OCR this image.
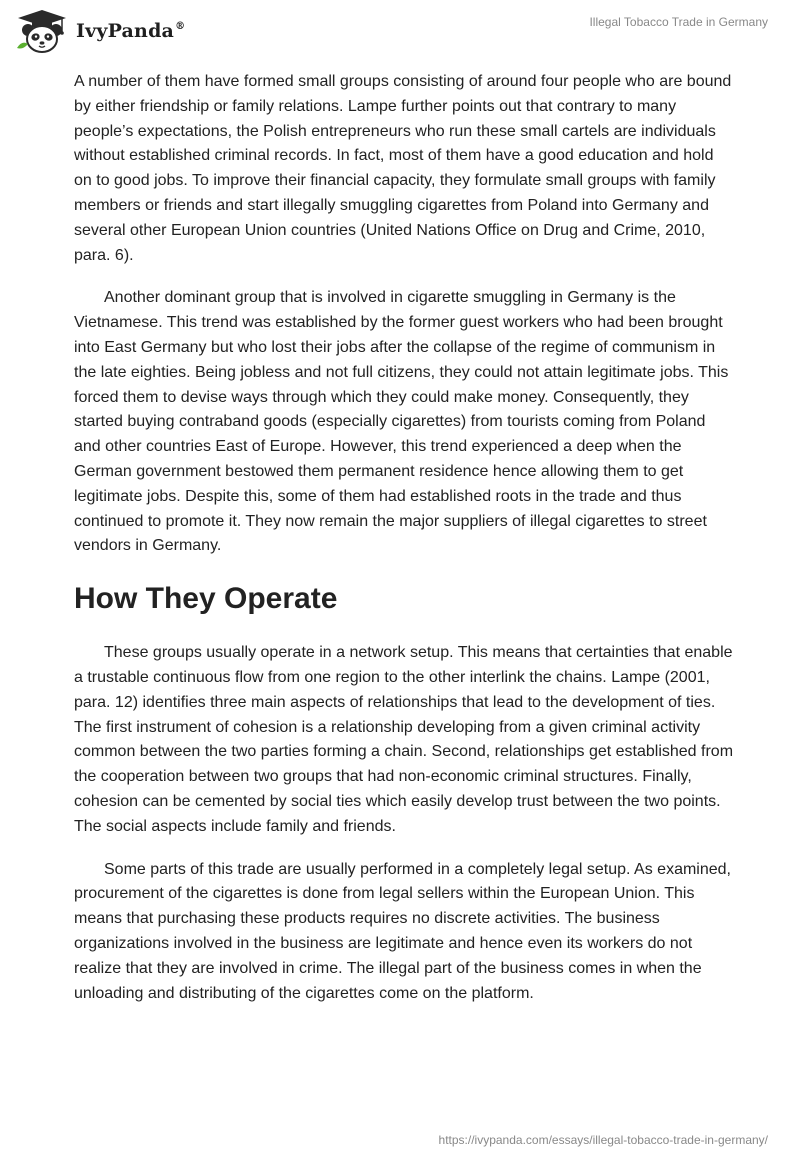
IvyPanda®	Illegal Tobacco Trade in Germany

A number of them have formed small groups consisting of around four people who are bound by either friendship or family relations. Lampe further points out that contrary to many people’s expectations, the Polish entrepreneurs who run these small cartels are individuals without established criminal records. In fact, most of them have a good education and hold on to good jobs. To improve their financial capacity, they formulate small groups with family members or friends and start illegally smuggling cigarettes from Poland into Germany and several other European Union countries (United Nations Office on Drug and Crime, 2010, para. 6).

Another dominant group that is involved in cigarette smuggling in Germany is the Vietnamese. This trend was established by the former guest workers who had been brought into East Germany but who lost their jobs after the collapse of the regime of communism in the late eighties. Being jobless and not full citizens, they could not attain legitimate jobs. This forced them to devise ways through which they could make money. Consequently, they started buying contraband goods (especially cigarettes) from tourists coming from Poland and other countries East of Europe. However, this trend experienced a deep when the German government bestowed them permanent residence hence allowing them to get legitimate jobs. Despite this, some of them had established roots in the trade and thus continued to promote it. They now remain the major suppliers of illegal cigarettes to street vendors in Germany.

How They Operate

These groups usually operate in a network setup. This means that certainties that enable a trustable continuous flow from one region to the other interlink the chains. Lampe (2001, para. 12) identifies three main aspects of relationships that lead to the development of ties. The first instrument of cohesion is a relationship developing from a given criminal activity common between the two parties forming a chain. Second, relationships get established from the cooperation between two groups that had non-economic criminal structures. Finally, cohesion can be cemented by social ties which easily develop trust between the two points. The social aspects include family and friends.

Some parts of this trade are usually performed in a completely legal setup. As examined, procurement of the cigarettes is done from legal sellers within the European Union. This means that purchasing these products requires no discrete activities. The business organizations involved in the business are legitimate and hence even its workers do not realize that they are involved in crime. The illegal part of the business comes in when the unloading and distributing of the cigarettes come on the platform.

https://ivypanda.com/essays/illegal-tobacco-trade-in-germany/
